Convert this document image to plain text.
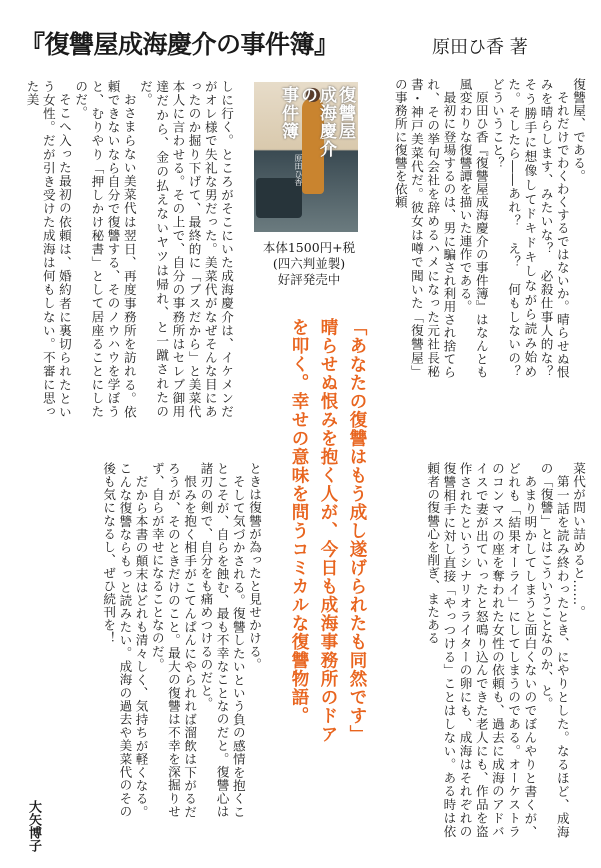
『復讐屋成海慶介の事件簿』	原田ひ香 著

復讐屋、である。

それだけでわくわくするではないか。晴らせぬ恨みを晴らします、みたいな？　必殺仕事人的な？　そう勝手に想像してドキドキしながら読み始めた。そしたら――あれ？　え？　何もしないの？　どういうこと？

原田ひ香『復讐屋成海慶介の事件簿』はなんとも風変わりな復讐譚を描いた連作である。

最初に登場するのは、男に騙され利用され捨てられ、その挙句会社を辞めるハメになった元社長秘書・神戸美菜代だ。彼女は噂で聞いた「復讐屋」の事務所に復讐を依頼

復讐屋
成海慶介
の
事件簿
原田ひ香
本体1500円+税
(四六判並製)
好評発売中

しに行く。ところがそこにいた成海慶介は、イケメンだがオレ様で失礼な男だった。美菜代がなぜそんな目にあったのか掘り下げて、最終的に「ブスだから」と美菜代本人に言わせる。その上で、自分の事務所はセレブ御用達だから、金の払えないヤツは帰れ、と一蹴されたのだ。

おさまらない美菜代は翌日、再度事務所を訪れる。依頼できないなら自分で復讐する、そのノウハウを学ぼうと、むりやり「押しかけ秘書」として居座ることにしたのだ。

そこへ入った最初の依頼は、婚約者に裏切られたという女性。だが引き受けた成海は何もしない。不審に思った美

「あなたの復讐はもう成し遂げられたも同然です」
晴らせぬ恨みを抱く人が、今日も成海事務所のドア
を叩く。幸せの意味を問うコミカルな復讐物語。	菜代が問い詰めると……。

第一話を読み終わったとき、にやりとした。なるほど、成海の「復讐」とはこういうことなのか、と。

あまり明かしてしまうと面白くないのでぼんやりと書くが、どれも「結果オーライ」にしてしまうのである。オーケストラのコンマスの座を奪われた女性の依頼も、過去に成海のアドバイスで妻が出ていったと怒鳴り込んできた老人にも、作品を盗作されたというシナリオライターの卵にも、成海はそれぞれの復讐相手に対し直接「やっつける」ことはしない。ある時は依頼者の復讐心を削ぎ、またある

ときは復讐が為ったと見せかける。

そして気づかされる。復讐したいという負の感情を抱くことこそが、自らを蝕む、最も不幸なことなのだと。復讐心は諸刃の剣で、自分をも痛めつけるのだと。

恨みを抱く相手がこてんぱんにやられれば溜飲は下がるだろうが、そのときだけのこと。最大の復讐は不幸を深掘りせず、自らが幸せになることなのだ。

だから本書の顛末はどれも清々しく、気持ちが軽くなる。こんな復讐ならもっと読みたい。成海の過去や美菜代のその後も気になるし、ぜひ続刊を！

大矢博子
